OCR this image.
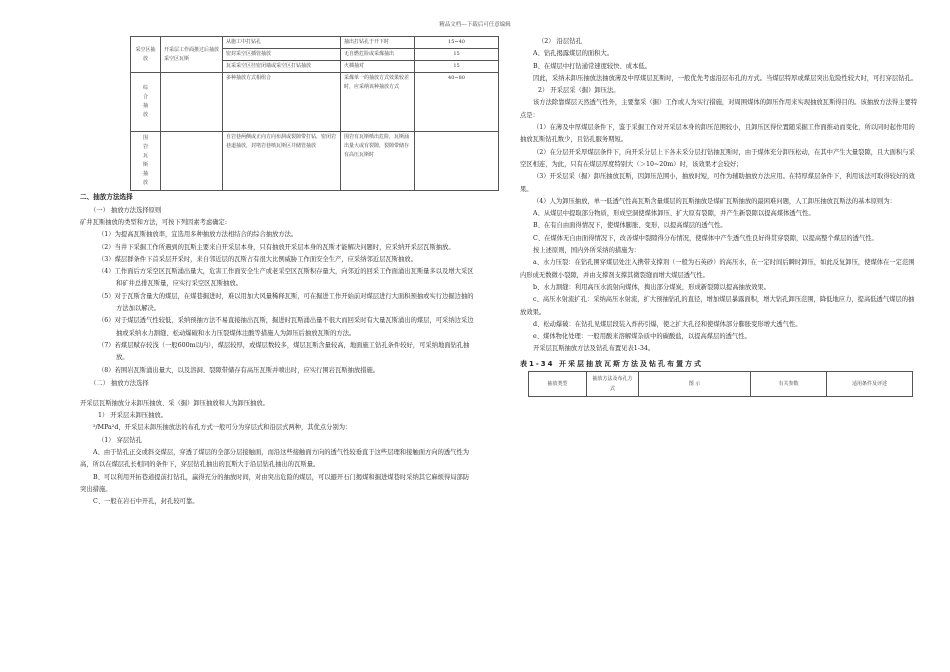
精品文档---下载后可任意编辑
采空区抽放	开采层工作面推过后抽放采空区瓦斯	从施工中打钻孔	抽出打钻孔于开下时	15~40
		密封采空区插管抽放	无自燃危险或采煤抽出	15
		瓦采采空区径密闭墙或采空区打钻抽放	火插抽对	15

综合抽放		多种抽放方式相组合	采煤单一的抽放方式效果较差时，应采纳该种抽放方式	40~80

围岩瓦斯抽放		自岩巷两侧或正向方向布洞或裂隙带打钻，密闭岩巷道抽放，封堵岩巷喷瓦斯区并储管抽放	围岩有瓦斯喷出危险，瓦斯涌出量大或有裂隙，裂隙带储存有高压瓦斯时	
二、抽放方法选择
（一） 抽放方法选择原则

矿井瓦斯抽放的类型和方法，可按下列因素考虑确定:

（1）为提高瓦斯抽放率，宜选用多种抽放方法相结合的综合抽放方法。

（2）当井下采掘工作所遇到的瓦斯主要来自开采层本身，只有抽放开采层本身的瓦斯才能解决问题时，应采纳开采层瓦斯抽放。

（3）煤层群条件下首采层开采时，来自邻近层的瓦斯占有很大比例威胁工作面安全生产，应采纳邻近层瓦斯抽放。

（4）工作面后方采空区瓦斯涌出量大，危害工作面安全生产或老采空区瓦斯积存量大，向邻近的回采工作面涌出瓦斯量多以及增大采区和矿井总排瓦斯量，应实行采空区瓦斯抽放。

（5）对于瓦斯含量大的煤层，在煤巷掘进时，难以用加大风量稀释瓦斯，可在掘进工作开始前对煤层进行大面积预抽或实行边掘边抽的方法加以解决。

（6）对于煤层透气性较低，采纳预抽方法不易直接抽出瓦斯，掘进时瓦斯涌出量不很大而回采时有大量瓦斯涌出的煤层，可采纳边采边抽或采纳水力割缝、松动爆破和水力压裂煤体注酸等措施人为卸压后抽放瓦斯的方法。

（7）若煤层赋存较浅（一般600m以内），煤层较厚，或煤层数较多，煤层瓦斯含量较高，地面施工钻孔条件较好，可采纳地面钻孔抽放。

（8）若围岩瓦斯涌出量大，以及溶洞、裂隙带储存有高压瓦斯并喷出时，应实行围岩瓦斯抽放措施。

（二） 抽放方法选择

开采层瓦斯抽放分未卸压抽放、采（掘）卸压抽放和人为卸压抽放。

1） 开采层未卸压抽放。

²/MPa²d，开采层未卸压抽放法的布孔方式一般可分为穿层式和沿层式两种，其优点分别为：

（1） 穿层钻孔

A、由于钻孔正交或斜交煤层，穿透了煤层的全部分层接触面，而沿这些接触面方向的透气性较垂直于这些层理和接触面方向的透气性为高，所以在煤层孔长相同的条件下，穿层钻孔抽出的瓦斯大于沿层钻孔抽出的瓦斯量。

B、可以利用开拓巷道提前打钻孔，赢得充分的抽放时间，对由突出危险的煤层，可以避开石门揭煤和掘进煤巷时采纳其它麻烦得局部防突出措施。

C、一般在岩石中开孔，封孔较可靠。

（2） 沿层钻孔

A、钻孔揭露煤层的面积大。

B、在煤层中打钻通常速度较快、成本低。

因此，采纳未卸压抽放法抽放薄及中厚煤层瓦斯时，一般优先考虑沿层布孔的方式。当煤层特厚或煤层突出危险性较大时，可打穿层钻孔。

2） 开采层采（掘）卸压法。

该方法除靠煤层天然透气性外，主要靠采（掘）工作或人为实行措施，对周围煤体的卸压作用来实现抽放瓦斯得目的。该抽放方法得主要特点是：

（1）在薄及中厚煤层条件下，鉴于采掘工作对开采层本身的卸压范围较小，且卸压区得位置随采掘工作面推动而变化，所以同时起作用的抽放瓦斯钻孔数少，且钻孔服务期短。

（2）在分层开采厚煤层条件下，向开采分层上下各未采分层打钻抽瓦斯时，由于煤体充分卸压松动，在其中产生大量裂隙，且大面积与采空区相连，为此，只有在煤层厚度特别大（＞10~20m）时，该效果才会较好；

（3）开采层采（掘）卸压抽放瓦斯，因卸压范围小，抽放时短，可作为辅助抽放方法应用。在特厚煤层条件下，利用该法可取得较好的效果。

（4）人为卸压抽放，单一低透气性高瓦斯含量煤层的瓦斯抽放是煤矿瓦斯抽放的最困难问题，人工卸压抽放瓦斯法的基本原则为：

A、从煤层中提取部分物质，形成空洞使煤体卸压、扩大原有裂隙，并产生新裂隙以提高煤体透气性。

B、在有自由面得情况下，使煤体膨胀、变形，以提高煤层的透气性。

C、在煤体无自由面得情况下，改善煤中裂隙得分布情况，使煤体中产生透气性良好得贯穿裂隙，以提高整个煤层的透气性。

按上述原则，国内外所采纳的措施为：

a、水力压裂：在钻孔围穿煤层处注入携带支撑剂（一般为石英砂）的高压水，在一定时间后瞬时卸压，如此反复卸压，使煤体在一定范围内形成无数微小裂隙，并由支撑剂支撑其微裂缝而增大煤层透气性。

b、水力割缝：利用高压水流射向煤体，掏出部分煤炭，形成新裂隙以提高抽放效果。

c、高压水射流扩孔：采纳高压水射流，扩大预抽钻孔的直径，增加煤层暴露面积，增大钻孔卸压范围，降低地应力，提高低透气煤层的抽放效果。

d、松动爆破：在钻孔见煤层段装入炸药引爆，使之扩大孔径和使煤体部分膨胀变形增大透气性。

e、煤体物化处理：一般用酸来溶解煤杂质中的碳酸盐，以提高煤层的透气性。

开采层瓦斯抽放方法及钻孔布置见表1-34。

表1-34 开采层抽放瓦斯方法及钻孔布置方式
抽放类型	抽放方法及布孔方式	图 示	有关参数	适用条件及评述
